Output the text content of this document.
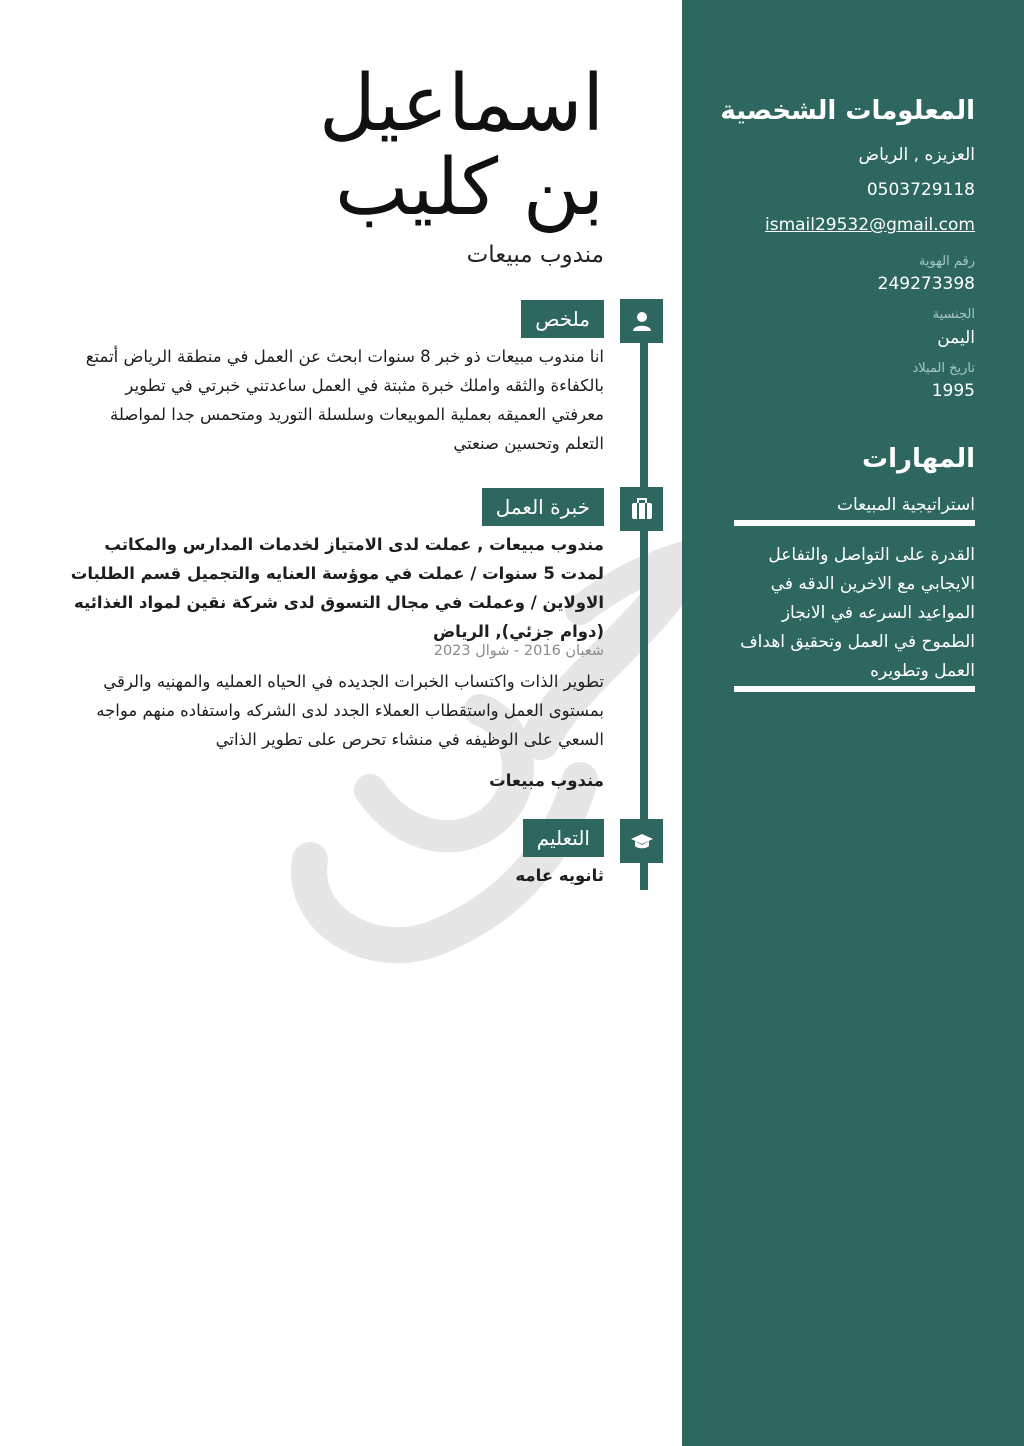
اسماعيل
بن كليب
مندوب مبيعات
ملخص
انا مندوب مبيعات ذو خبر 8 سنوات ابحث عن العمل في منطقة الرياض أتمتع بالكفاءة والثقه واملك خبرة مثبتة في العمل ساعدتني خبرتي في تطوير معرفتي العميقه بعملية الموبيعات وسلسلة التوريد ومتحمس جدا لمواصلة التعلم وتحسين صنعتي
خبرة العمل
مندوب مبيعات , عملت لدى الامتياز لخدمات المدارس والمكاتب لمدت 5 سنوات / عملت في موؤسة العنايه والتجميل قسم الطلبات الاولاين / وعملت في مجال التسوق لدى شركة نقين لمواد الغذائيه (دوام جزئي), الرياض
شعبان 2016 - شوال 2023
تطوير الذات واكتساب الخبرات الجديده في الحياه العمليه والمهنيه والرقي بمستوى العمل واستقطاب العملاء الجدد لدى الشركه واستفاده منهم مواجه السعي على الوظيفه في منشاء تحرص على تطوير الذاتي
مندوب مبيعات
التعليم
ثانويه عامه
المعلومات الشخصية
العزيزه , الرياض
0503729118
ismail29532@gmail.com
رقم الهوية
249273398
الجنسية
اليمن
تاريخ الميلاد
1995
المهارات
استراتيجية المبيعات
القدرة على التواصل والتفاعل الايجابي مع الاخرين الدقه في المواعيد السرعه في الانجاز الطموح في العمل وتحقيق اهداف العمل وتطويره
